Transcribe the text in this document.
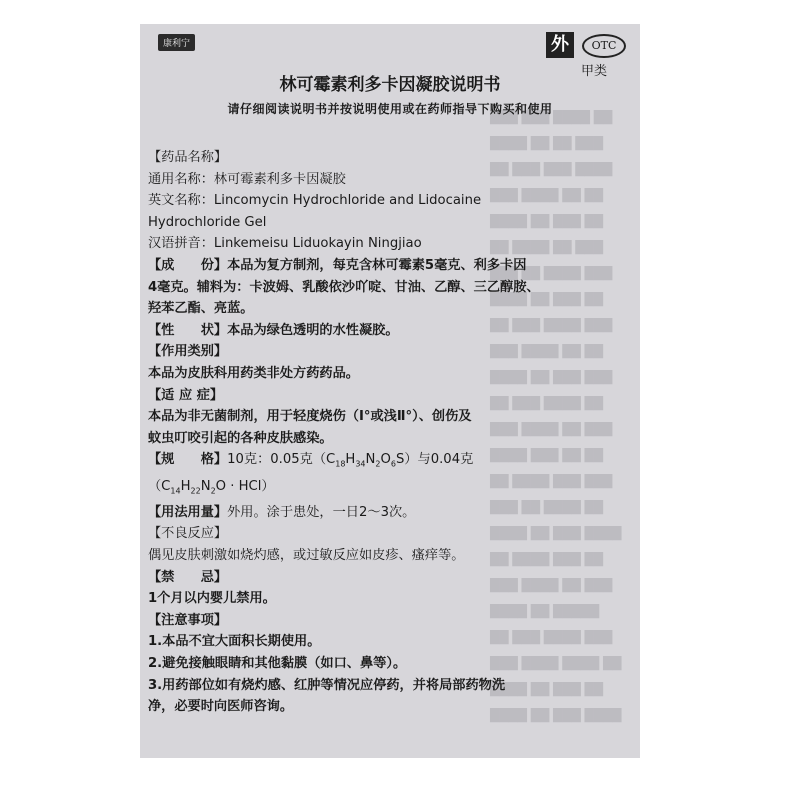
████ ██ ███ ████
████ ██ ███ ██
███ ████ ████ ██
██ ███ ████ ███
████ ██ █████
███ ████ ██ ███
██ ████ ███ ██
████ ██ ███ ████
███ ██ ████ ██
██ ████ ███ ███
████ ███ ██ ██
███ ████ ██ ███
██ ███ ████ ██
████ ██ ███ ███
███ ████ ██ ██
██ ███ ████ ███
████ ██ ███ ██
███ ██ ████ ███
██ ████ ██ ███
████ ██ ███ ██
███ ████ ██ ██
██ ███ ███ ████
████ ██ ██ ███
███ ███ ████ ██
康利宁	外	OTC
甲类
林可霉素利多卡因凝胶说明书
请仔细阅读说明书并按说明使用或在药师指导下购买和使用
【药品名称】
通用名称：林可霉素利多卡因凝胶
英文名称：Lincomycin Hydrochloride and Lidocaine
Hydrochloride Gel
汉语拼音：Linkemeisu Liduokayin Ningjiao
【成　　份】本品为复方制剂，每克含林可霉素5毫克、利多卡因
4毫克。辅料为：卡波姆、乳酸依沙吖啶、甘油、乙醇、三乙醇胺、
羟苯乙酯、亮蓝。
【性　　状】本品为绿色透明的水性凝胶。
【作用类别】
本品为皮肤科用药类非处方药药品。
【适 应 症】
本品为非无菌制剂，用于轻度烧伤（Ⅰ°或浅Ⅱ°）、创伤及
蚊虫叮咬引起的各种皮肤感染。
【规　　格】10克：0.05克$(C_{18}H_{34}N_2O_6S)$与0.04克
$(C_{14}H_{22}N_2O \cdot HCl)$
【用法用量】外用。涂于患处，一日2～3次。
【不良反应】
偶见皮肤刺激如烧灼感，或过敏反应如皮疹、瘙痒等。
【禁　　忌】
1个月以内婴儿禁用。
【注意事项】
1.本品不宜大面积长期使用。
2.避免接触眼睛和其他黏膜（如口、鼻等）。
3.用药部位如有烧灼感、红肿等情况应停药，并将局部药物洗
净，必要时向医师咨询。
